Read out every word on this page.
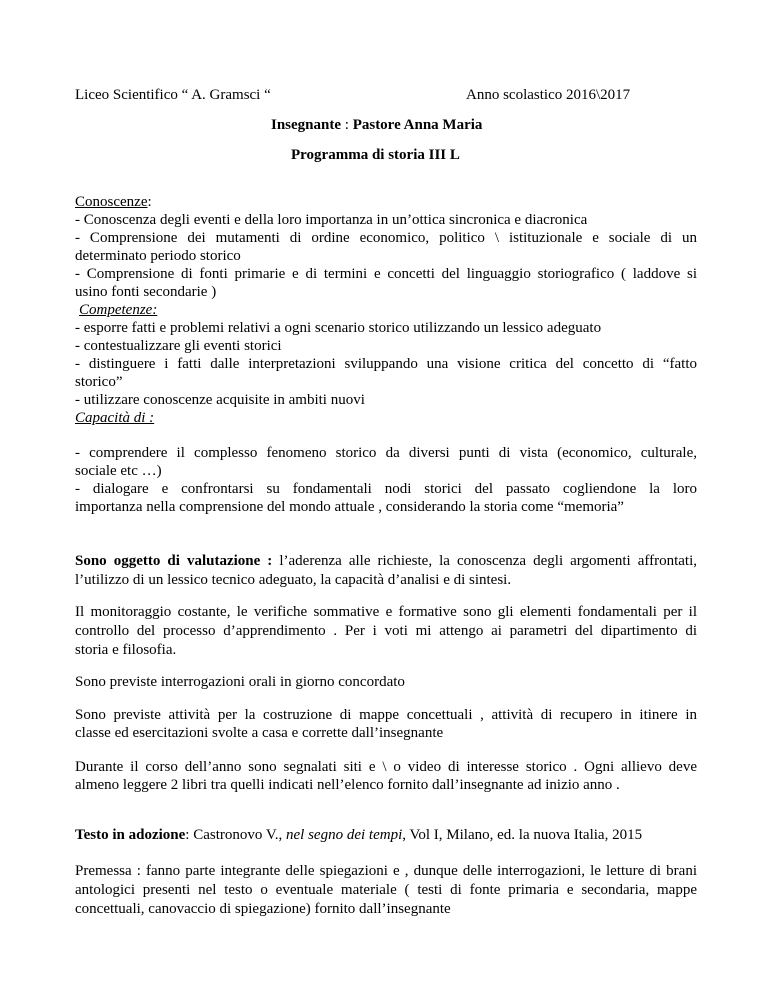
Liceo Scientifico “ A. Gramsci “	Anno scolastico 2016\2017
Insegnante : Pastore Anna Maria
Programma di storia III L
Conoscenze:
- Conoscenza degli eventi e della loro importanza in un’ottica sincronica e diacronica
- Comprensione dei mutamenti di ordine economico, politico \ istituzionale e sociale di un
determinato periodo storico
- Comprensione di fonti primarie e di termini e concetti del linguaggio storiografico ( laddove si
usino fonti secondarie )
Competenze:
- esporre fatti e problemi relativi a ogni scenario storico utilizzando un lessico adeguato
- contestualizzare gli eventi storici
- distinguere i fatti dalle interpretazioni sviluppando una visione critica del concetto di “fatto
storico”
- utilizzare conoscenze acquisite in ambiti nuovi
Capacità di :
- comprendere il complesso fenomeno storico da diversi punti di vista (economico, culturale,
sociale etc …)
- dialogare e confrontarsi su fondamentali nodi storici del passato cogliendone la loro
importanza nella comprensione del mondo attuale , considerando la storia come “memoria”
Sono oggetto di valutazione : l’aderenza alle richieste, la conoscenza degli argomenti affrontati,
l’utilizzo di un lessico tecnico adeguato, la capacità d’analisi e di sintesi.
Il monitoraggio costante, le verifiche sommative e formative sono gli elementi fondamentali per il
controllo del processo d’apprendimento . Per i voti mi attengo ai parametri del dipartimento di
storia e filosofia.
Sono previste interrogazioni orali in giorno concordato
Sono previste attività per la costruzione di mappe concettuali , attività di recupero in itinere in
classe ed esercitazioni svolte a casa e corrette dall’insegnante
Durante il corso dell’anno sono segnalati siti e \ o video di interesse storico . Ogni allievo deve
almeno leggere 2 libri tra quelli indicati nell’elenco fornito dall’insegnante ad inizio anno .
Testo in adozione: Castronovo V., nel segno dei tempi, Vol I, Milano, ed. la nuova Italia, 2015
Premessa : fanno parte integrante delle spiegazioni e , dunque delle interrogazioni, le letture di brani
antologici presenti nel testo o eventuale materiale ( testi di fonte primaria e secondaria, mappe
concettuali, canovaccio di spiegazione) fornito dall’insegnante
